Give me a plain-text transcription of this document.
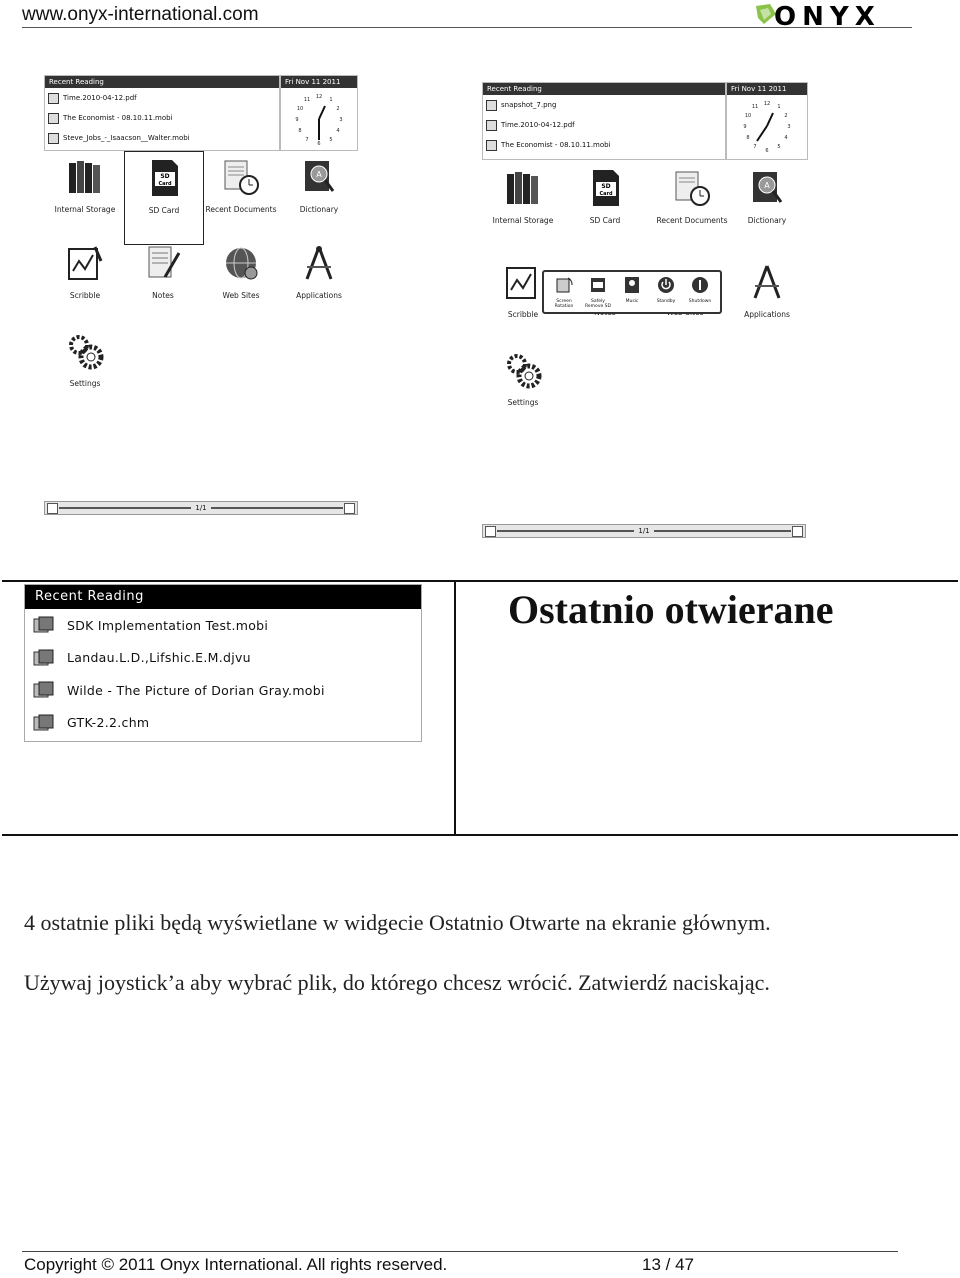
www.onyx-international.com	ONYX
Recent Reading
Time.2010-04-12.pdf
The Economist - 08.10.11.mobi
Steve_Jobs_-_Isaacson__Walter.mobi
Fri Nov 11 2011
12 1
2
3
4
5
6
7
8
9
10
11
Internal Storage
SD
Card
SD Card	Recent Documents
A
Dictionary
Scribble	Notes	Web Sites	Applications
Settings
1/1
Recent Reading
snapshot_7.png
Time.2010-04-12.pdf
The Economist - 08.10.11.mobi
Fri Nov 11 2011
12 1
2
3
4
5
6
7
8
9
10
11
Internal Storage
SD
Card
SD Card	Recent Documents
A
Dictionary
Scribble	Applications
Screen Rotation
Safely Remove SD
Music	Standby	Shutdown
Settings
1/1
Recent Reading
SDK Implementation Test.mobi
Landau.L.D.,Lifshic.E.M.djvu
Wilde - The Picture of Dorian Gray.mobi
GTK-2.2.chm
Ostatnio otwierane
4 ostatnie pliki będą wyświetlane w widgecie Ostatnio Otwarte na ekranie głównym.
Używaj joystick’a aby wybrać plik, do którego chcesz wrócić. Zatwierdź naciskając.
Copyright © 2011 Onyx International. All rights reserved.	13 / 47
